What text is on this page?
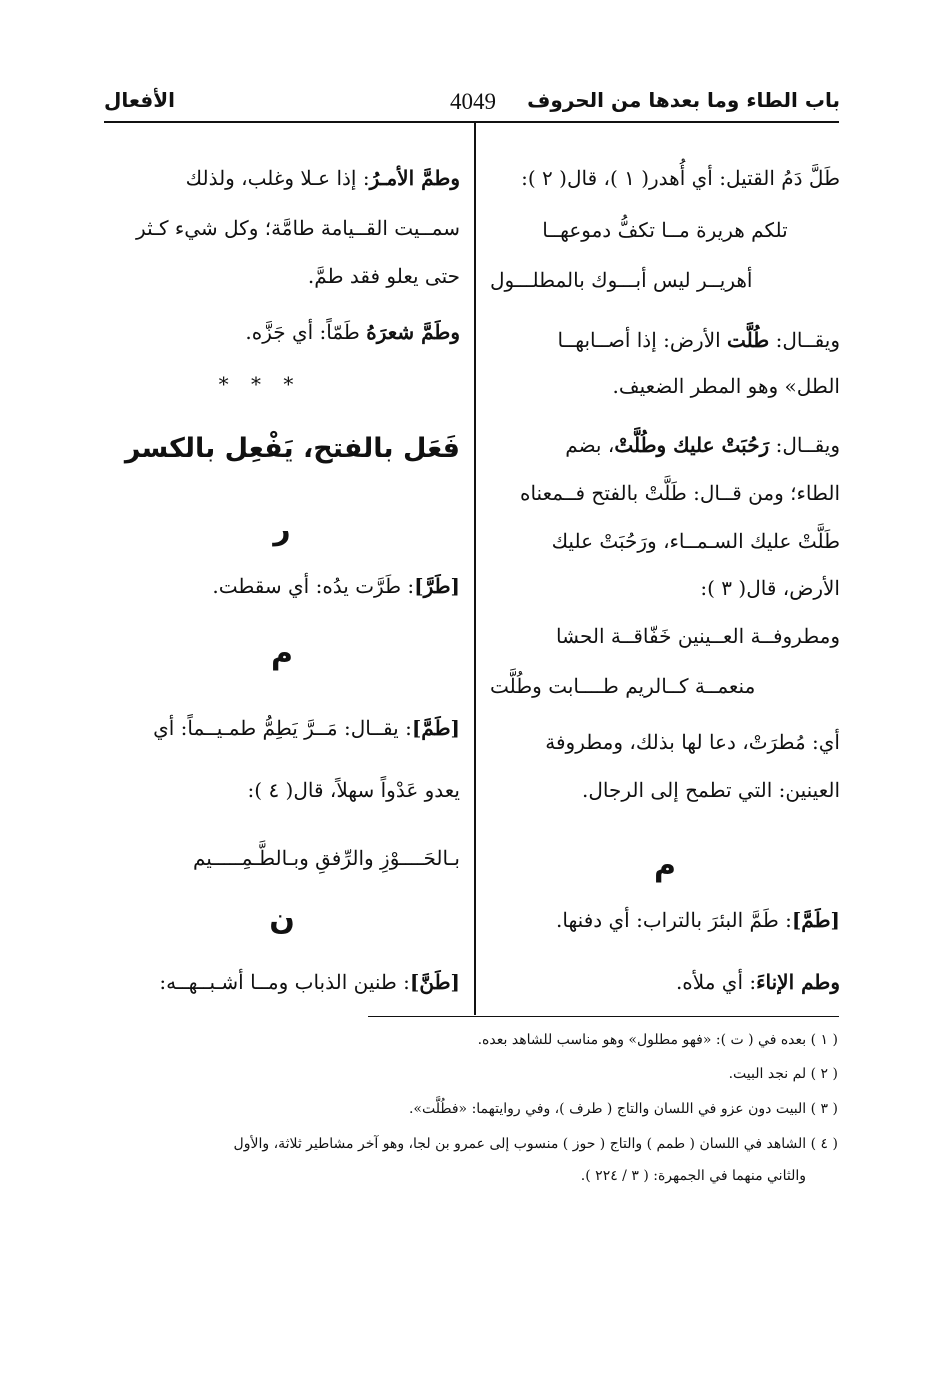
باب الطاء وما بعدها من الحروف
4049
الأفعال
طَلَّ دَمُ القتيل: أي أُهدر( ١ )، قال( ٢ ):
تلكم هريرة مــا تكفُّ دموعهــا
أهريــر ليس أبـــوك بالمطلـــول
ويقــال: طُلَّت الأرض: إذا أصــابهــا
الطل» وهو المطر الضعيف.
ويقــال: رَحُبَتْ عليك وطُلَّتْ، بضم
الطاء؛ ومن قــال: طَلَّتْ بالفتح فــمعناه
طَلَّتْ عليك السـمــاء، ورَحُبَتْ عليك
الأرض، قال( ٣ ):
ومطروفــة العــينين خَفّاقــة الحشا
منعمــة كــالريم طــــابت وطُلَّت
أي: مُطرَتْ، دعا لها بذلك، ومطروفة
العينين: التي تطمح إلى الرجال.
م
[طَمَّ]: طَمَّ البئرَ بالتراب: أي دفنها.
وطم الإناءَ: أي ملأه.
وطمَّ الأمـرُ: إذا عـلا وغلب، ولذلك
سمــيت القــيامة طامَّة؛ وكل شيء كـثر
حتى يعلو فقد طمَّ.
وطَمَّ شعرَهُ طَمّاً: أي جَزَّه.
* * *
فَعَل بالفتح، يَفْعِل بالكسر
ر
[طَرَّ]: طَرَّت يدُه: أي سقطت.
م
[طَمَّ]: يقــال: مَــرَّ يَطِمُّ طمـيــماً: أي
يعدو عَدْواً سهلاً، قال( ٤ ):
بـالحَــــوْزِ والرِّفقِ وبـالطَّـمِـــــيم
ن
[طَنَّ]: طنين الذباب ومــا أشـبــهــه:
( ١ ) بعده في ( ت ): «فهو مطلول» وهو مناسب للشاهد بعده.
( ٢ ) لم نجد البيت.
( ٣ ) البيت دون عزو في اللسان والتاج ( طرف )، وفي روايتهما: «فطُلَّت».
( ٤ ) الشاهد في اللسان ( طمم ) والتاج ( حوز ) منسوب إلى عمرو بن لجا، وهو آخر مشاطير ثلاثة، والأول
والثاني منهما في الجمهرة: ( ٣ / ٢٢٤ ).
